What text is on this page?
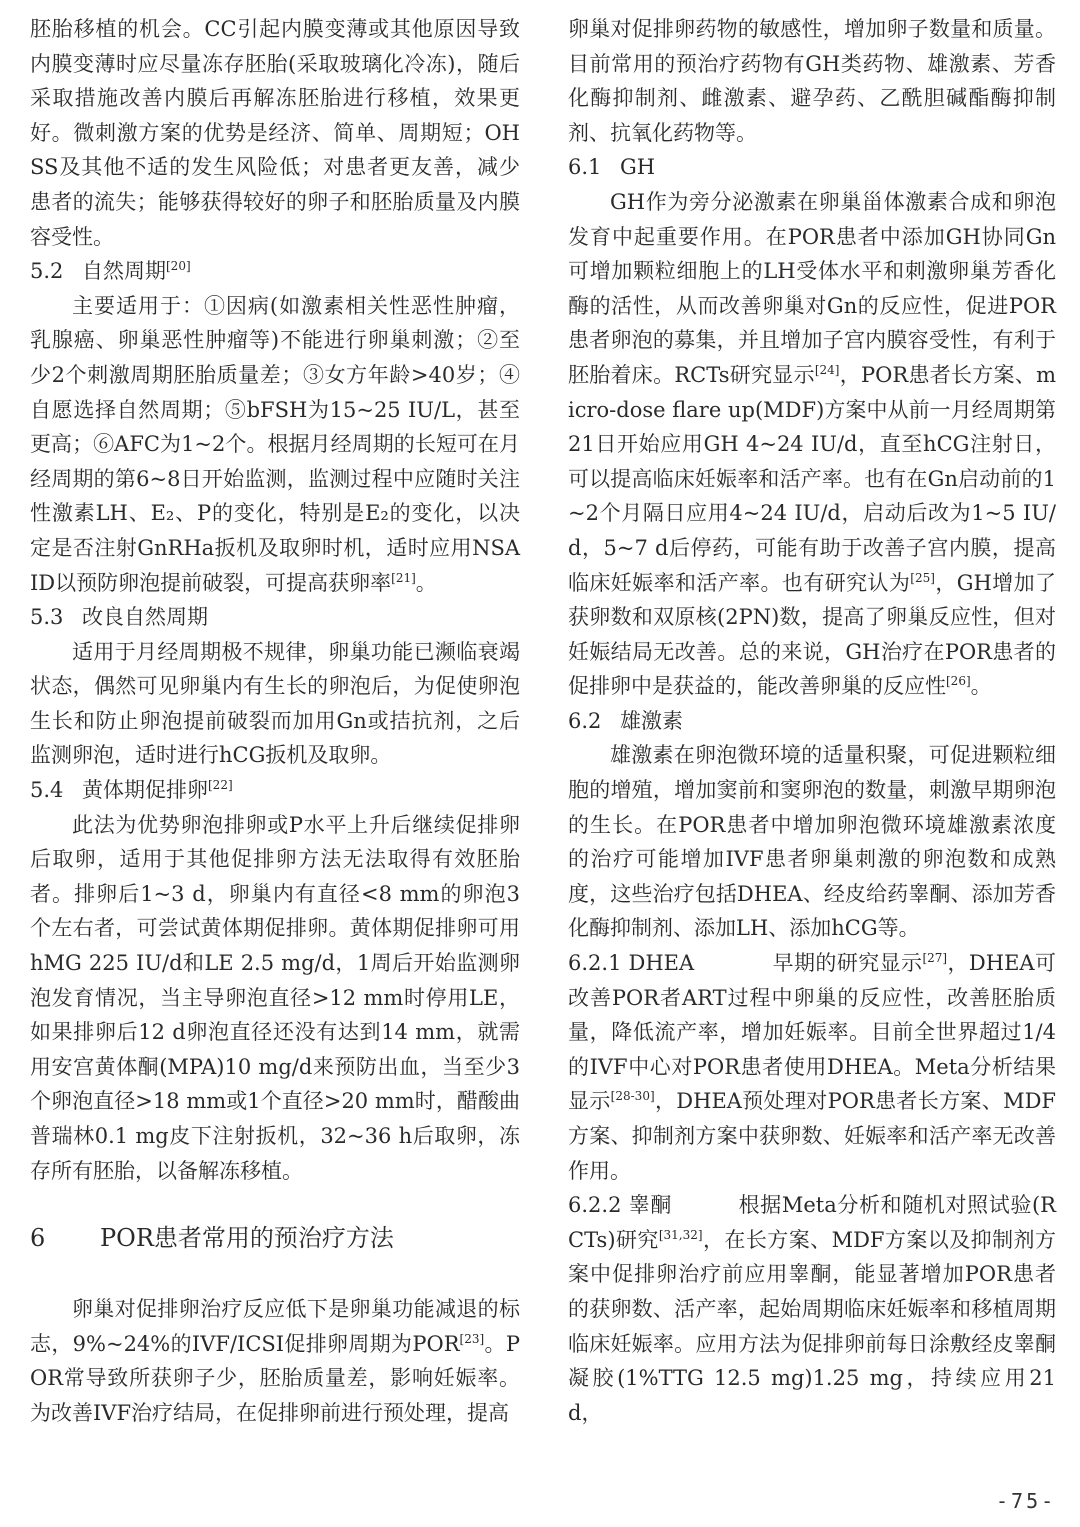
胚胎移植的机会。CC引起内膜变薄或其他原因导致内膜变薄时应尽量冻存胚胎(采取玻璃化冷冻)，随后采取措施改善内膜后再解冻胚胎进行移植，效果更好。微刺激方案的优势是经济、简单、周期短；OHSS及其他不适的发生风险低；对患者更友善，减少患者的流失；能够获得较好的卵子和胚胎质量及内膜容受性。

5.2 自然周期[20]

主要适用于：①因病(如激素相关性恶性肿瘤，乳腺癌、卵巢恶性肿瘤等)不能进行卵巢刺激；②至少2个刺激周期胚胎质量差；③女方年龄>40岁；④自愿选择自然周期；⑤bFSH为15~25 IU/L，甚至更高；⑥AFC为1~2个。根据月经周期的长短可在月经周期的第6~8日开始监测，监测过程中应随时关注性激素LH、E₂、P的变化，特别是E₂的变化，以决定是否注射GnRHa扳机及取卵时机，适时应用NSAID以预防卵泡提前破裂，可提高获卵率[21]。

5.3 改良自然周期

适用于月经周期极不规律，卵巢功能已濒临衰竭状态，偶然可见卵巢内有生长的卵泡后，为促使卵泡生长和防止卵泡提前破裂而加用Gn或拮抗剂，之后监测卵泡，适时进行hCG扳机及取卵。

5.4 黄体期促排卵[22]

此法为优势卵泡排卵或P水平上升后继续促排卵后取卵，适用于其他促排卵方法无法取得有效胚胎者。排卵后1~3 d，卵巢内有直径<8 mm的卵泡3个左右者，可尝试黄体期促排卵。黄体期促排卵可用hMG 225 IU/d和LE 2.5 mg/d，1周后开始监测卵泡发育情况，当主导卵泡直径>12 mm时停用LE，如果排卵后12 d卵泡直径还没有达到14 mm，就需用安宫黄体酮(MPA)10 mg/d来预防出血，当至少3个卵泡直径>18 mm或1个直径>20 mm时，醋酸曲普瑞林0.1 mg皮下注射扳机，32~36 h后取卵，冻存所有胚胎，以备解冻移植。

6 POR患者常用的预治疗方法

卵巢对促排卵治疗反应低下是卵巢功能减退的标志，9%~24%的IVF/ICSI促排卵周期为POR[23]。POR常导致所获卵子少，胚胎质量差，影响妊娠率。为改善IVF治疗结局，在促排卵前进行预处理，提高

卵巢对促排卵药物的敏感性，增加卵子数量和质量。目前常用的预治疗药物有GH类药物、雄激素、芳香化酶抑制剂、雌激素、避孕药、乙酰胆碱酯酶抑制剂、抗氧化药物等。

6.1 GH

GH作为旁分泌激素在卵巢甾体激素合成和卵泡发育中起重要作用。在POR患者中添加GH协同Gn可增加颗粒细胞上的LH受体水平和刺激卵巢芳香化酶的活性，从而改善卵巢对Gn的反应性，促进POR患者卵泡的募集，并且增加子宫内膜容受性，有利于胚胎着床。RCTs研究显示[24]，POR患者长方案、micro-dose flare up(MDF)方案中从前一月经周期第21日开始应用GH 4~24 IU/d，直至hCG注射日，可以提高临床妊娠率和活产率。也有在Gn启动前的1~2个月隔日应用4~24 IU/d，启动后改为1~5 IU/d，5~7 d后停药，可能有助于改善子宫内膜，提高临床妊娠率和活产率。也有研究认为[25]，GH增加了获卵数和双原核(2PN)数，提高了卵巢反应性，但对妊娠结局无改善。总的来说，GH治疗在POR患者的促排卵中是获益的，能改善卵巢的反应性[26]。

6.2 雄激素

雄激素在卵泡微环境的适量积聚，可促进颗粒细胞的增殖，增加窦前和窦卵泡的数量，刺激早期卵泡的生长。在POR患者中增加卵泡微环境雄激素浓度的治疗可能增加IVF患者卵巢刺激的卵泡数和成熟度，这些治疗包括DHEA、经皮给药睾酮、添加芳香化酶抑制剂、添加LH、添加hCG等。

6.2.1 DHEA	早期的研究显示[27]，DHEA可改善POR者ART过程中卵巢的反应性，改善胚胎质量，降低流产率，增加妊娠率。目前全世界超过1/4的IVF中心对POR患者使用DHEA。Meta分析结果显示[28-30]，DHEA预处理对POR患者长方案、MDF方案、抑制剂方案中获卵数、妊娠率和活产率无改善作用。

6.2.2 睾酮	根据Meta分析和随机对照试验(RCTs)研究[31,32]，在长方案、MDF方案以及抑制剂方案中促排卵治疗前应用睾酮，能显著增加POR患者的获卵数、活产率，起始周期临床妊娠率和移植周期临床妊娠率。应用方法为促排卵前每日涂敷经皮睾酮凝胶(1%TTG 12.5 mg)1.25 mg，持续应用21 d，

-75-
